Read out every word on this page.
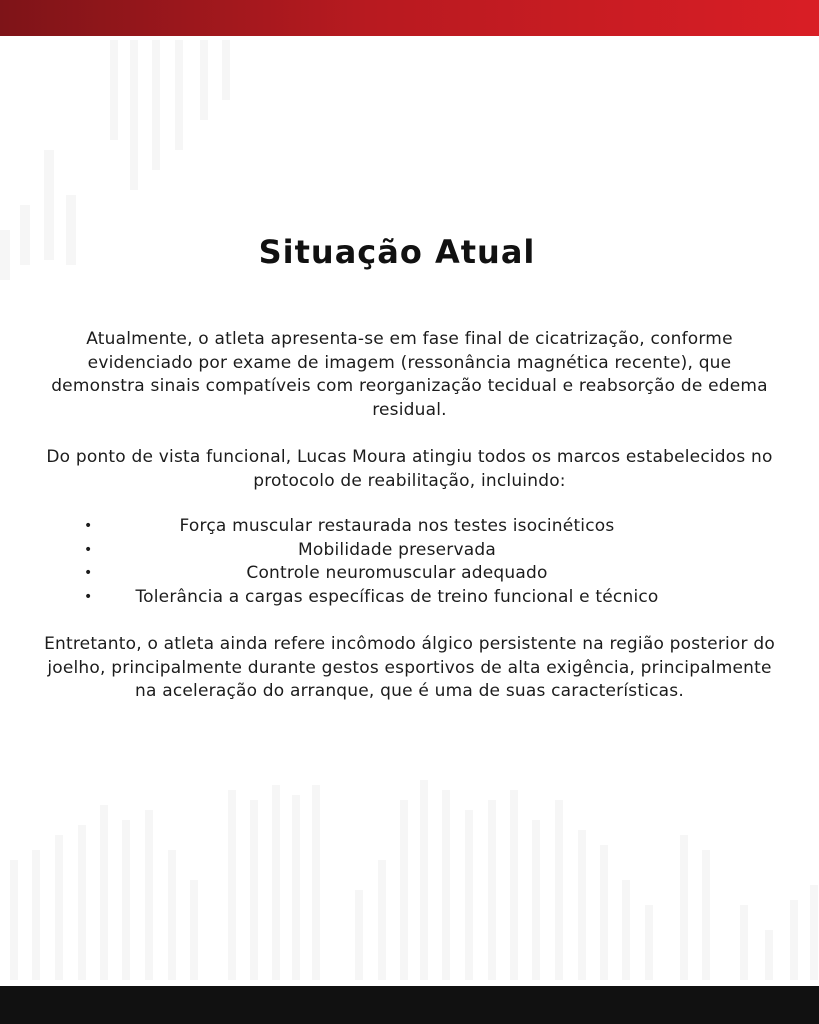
Situação Atual

Atualmente, o atleta apresenta-se em fase final de cicatrização, conforme evidenciado por exame de imagem (ressonância magnética recente), que demonstra sinais compatíveis com reorganização tecidual e reabsorção de edema residual.

Do ponto de vista funcional, Lucas Moura atingiu todos os marcos estabelecidos no protocolo de reabilitação, incluindo:

•	Força muscular restaurada nos testes isocinéticos
•	Mobilidade preservada
•	Controle neuromuscular adequado
•	Tolerância a cargas específicas de treino funcional e técnico

Entretanto, o atleta ainda refere incômodo álgico persistente na região posterior do joelho, principalmente durante gestos esportivos de alta exigência, principalmente na aceleração do arranque, que é uma de suas características.
